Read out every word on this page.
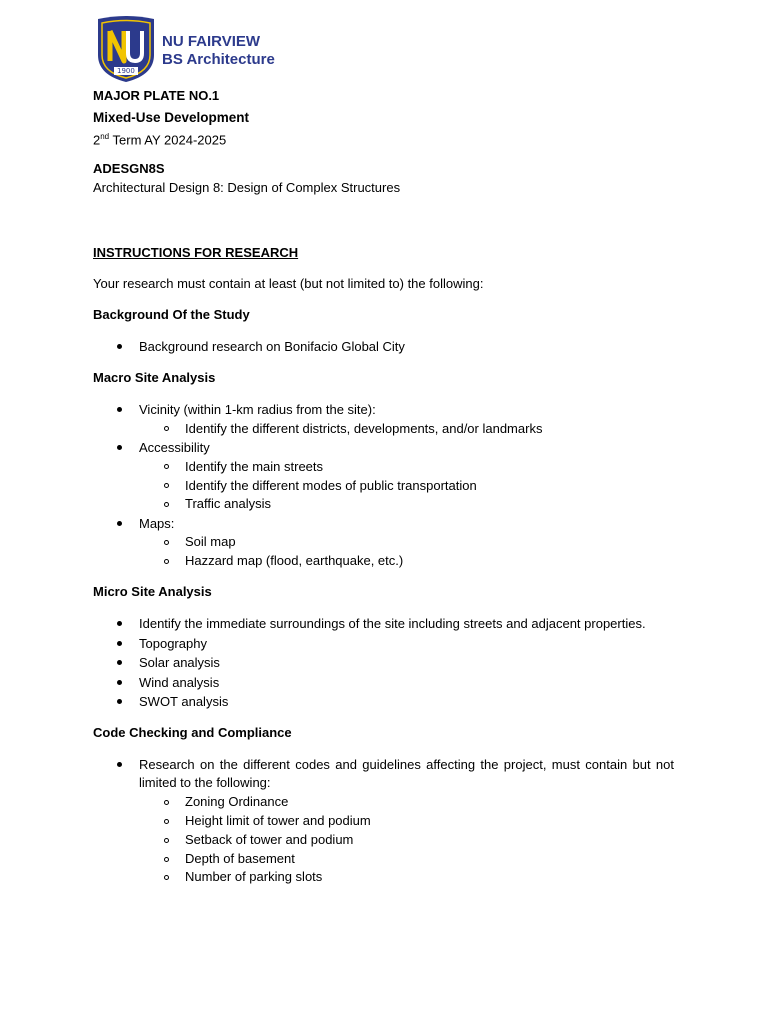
1900
NU FAIRVIEW
BS Architecture
MAJOR PLATE NO.1
Mixed-Use Development
2nd Term AY 2024-2025
ADESGN8S
Architectural Design 8: Design of Complex Structures
INSTRUCTIONS FOR RESEARCH
Your research must contain at least (but not limited to) the following:
Background Of the Study
Background research on Bonifacio Global City
Macro Site Analysis
Vicinity (within 1-km radius from the site):
Identify the different districts, developments, and/or landmarks
Accessibility
Identify the main streets
Identify the different modes of public transportation
Traffic analysis
Maps:
Soil map
Hazzard map (flood, earthquake, etc.)
Micro Site Analysis
Identify the immediate surroundings of the site including streets and adjacent properties.
Topography
Solar analysis
Wind analysis
SWOT analysis
Code Checking and Compliance
Research on the different codes and guidelines affecting the project, must contain but not limited to the following:
Zoning Ordinance
Height limit of tower and podium
Setback of tower and podium
Depth of basement
Number of parking slots
